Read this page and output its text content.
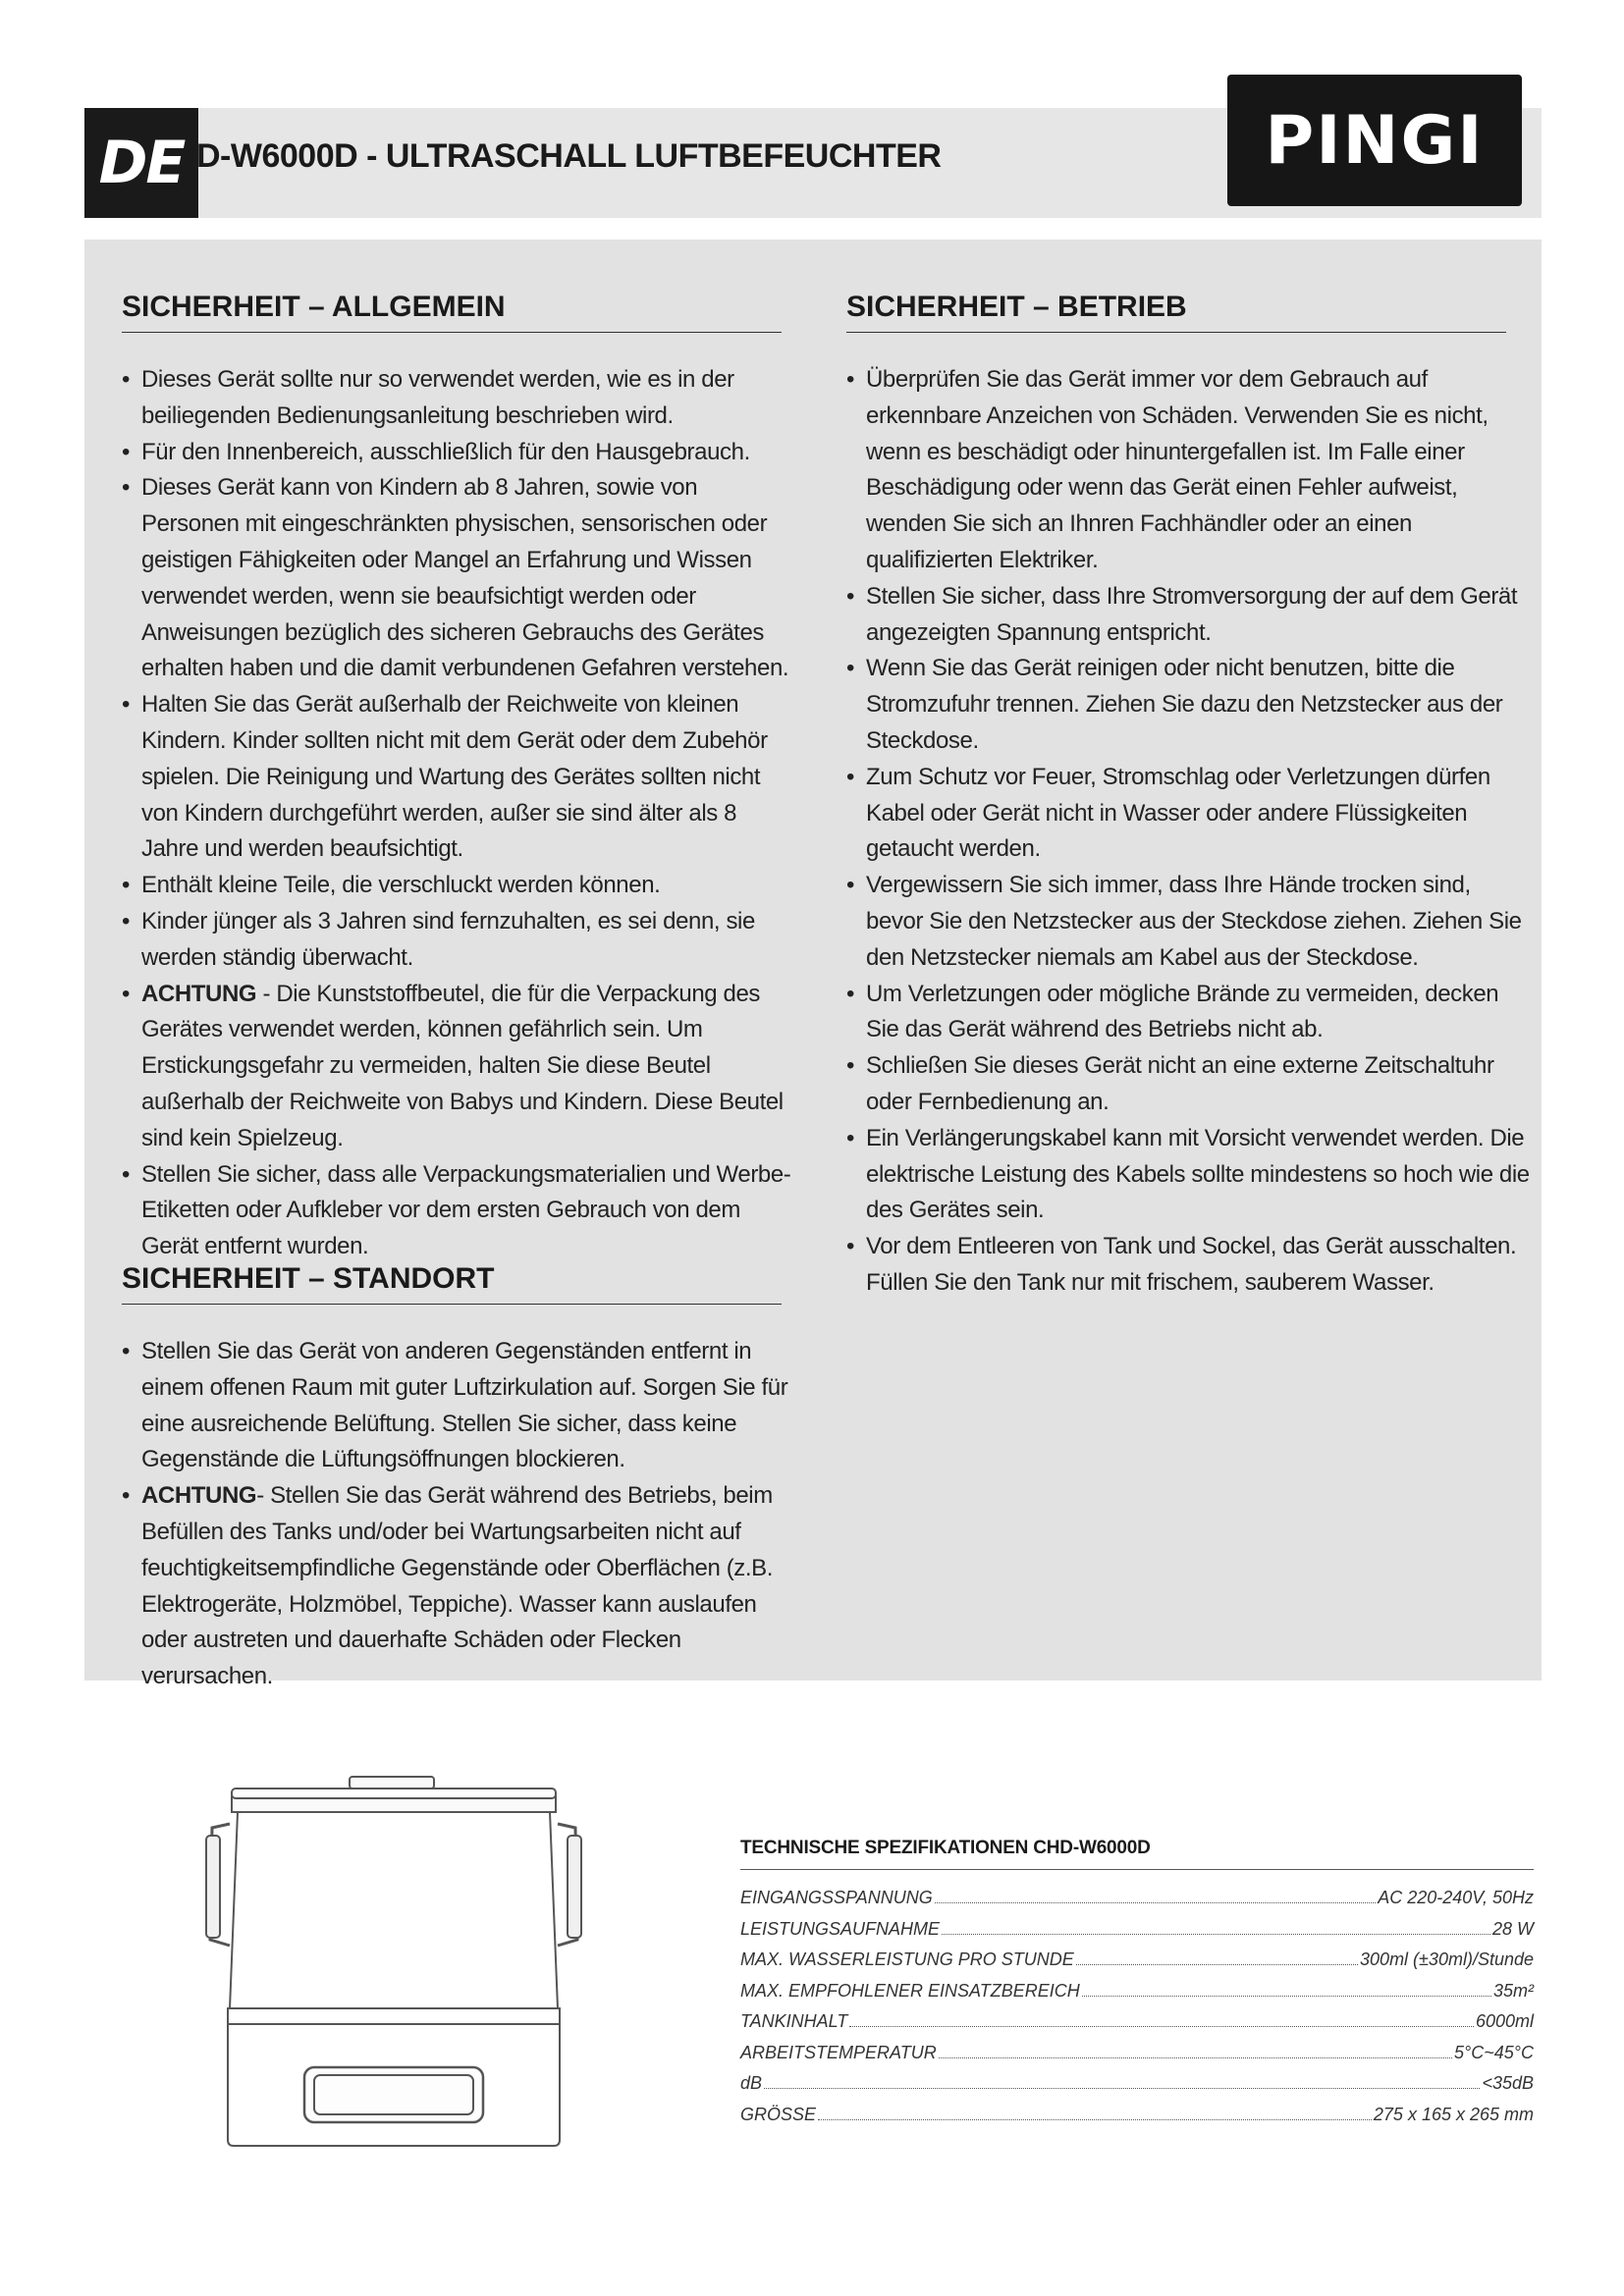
DE D-W6000D - ULTRASCHALL LUFTBEFEUCHTER	PINGI
SICHERHEIT – ALLGEMEIN
• Dieses Gerät sollte nur so verwendet werden, wie es in der beiliegenden Bedienungsanleitung beschrieben wird.
• Für den Innenbereich, ausschließlich für den Hausgebrauch.
• Dieses Gerät kann von Kindern ab 8 Jahren, sowie von Personen mit eingeschränkten physischen, sensorischen oder geistigen Fähigkeiten oder Mangel an Erfahrung und Wissen verwendet werden, wenn sie beaufsichtigt werden oder Anweisungen bezüglich des sicheren Gebrauchs des Gerätes erhalten haben und die damit verbundenen Gefahren verstehen.
• Halten Sie das Gerät außerhalb der Reichweite von kleinen Kindern. Kinder sollten nicht mit dem Gerät oder dem Zubehör spielen. Die Reinigung und Wartung des Gerätes sollten nicht von Kindern durchgeführt werden, außer sie sind älter als 8 Jahre und werden beaufsichtigt.
• Enthält kleine Teile, die verschluckt werden können.
• Kinder jünger als 3 Jahren sind fernzuhalten, es sei denn, sie werden ständig überwacht.
• ACHTUNG - Die Kunststoffbeutel, die für die Verpackung des Gerätes verwendet werden, können gefährlich sein. Um Erstickungsgefahr zu vermeiden, halten Sie diese Beutel außerhalb der Reichweite von Babys und Kindern. Diese Beutel sind kein Spielzeug.
• Stellen Sie sicher, dass alle Verpackungsmaterialien und Werbe-Etiketten oder Aufkleber vor dem ersten Gebrauch von dem Gerät entfernt wurden.
SICHERHEIT – STANDORT
• Stellen Sie das Gerät von anderen Gegenständen entfernt in einem offenen Raum mit guter Luftzirkulation auf. Sorgen Sie für eine ausreichende Belüftung. Stellen Sie sicher, dass keine Gegenstände die Lüftungsöffnungen blockieren.
• ACHTUNG- Stellen Sie das Gerät während des Betriebs, beim Befüllen des Tanks und/oder bei Wartungsarbeiten nicht auf feuchtigkeitsempfindliche Gegenstände oder Oberflächen (z.B. Elektrogeräte, Holzmöbel, Teppiche). Wasser kann auslaufen oder austreten und dauerhafte Schäden oder Flecken verursachen.
SICHERHEIT – BETRIEB
• Überprüfen Sie das Gerät immer vor dem Gebrauch auf erkennbare Anzeichen von Schäden. Verwenden Sie es nicht, wenn es beschädigt oder hinuntergefallen ist. Im Falle einer Beschädigung oder wenn das Gerät einen Fehler aufweist, wenden Sie sich an Ihnren Fachhändler oder an einen qualifizierten Elektriker.
• Stellen Sie sicher, dass Ihre Stromversorgung der auf dem Gerät angezeigten Spannung entspricht.
• Wenn Sie das Gerät reinigen oder nicht benutzen, bitte die Stromzufuhr trennen. Ziehen Sie dazu den Netzstecker aus der Steckdose.
• Zum Schutz vor Feuer, Stromschlag oder Verletzungen dürfen Kabel oder Gerät nicht in Wasser oder andere Flüssigkeiten getaucht werden.
• Vergewissern Sie sich immer, dass Ihre Hände trocken sind, bevor Sie den Netzstecker aus der Steckdose ziehen. Ziehen Sie den Netzstecker niemals am Kabel aus der Steckdose.
• Um Verletzungen oder mögliche Brände zu vermeiden, decken Sie das Gerät während des Betriebs nicht ab.
• Schließen Sie dieses Gerät nicht an eine externe Zeitschaltuhr oder Fernbedienung an.
• Ein Verlängerungskabel kann mit Vorsicht verwendet werden. Die elektrische Leistung des Kabels sollte mindestens so hoch wie die des Gerätes sein.
• Vor dem Entleeren von Tank und Sockel, das Gerät ausschalten. Füllen Sie den Tank nur mit frischem, sauberem Wasser.
TECHNISCHE SPEZIFIKATIONEN CHD-W6000D
EINGANGSSPANNUNG	AC 220-240V, 50Hz
LEISTUNGSAUFNAHME	28 W
MAX. WASSERLEISTUNG PRO STUNDE	300ml (±30ml)/Stunde
MAX. EMPFOHLENER EINSATZBEREICH	35m²
TANKINHALT	6000ml
ARBEITSTEMPERATUR	5°C~45°C
dB	<35dB
GRÖSSE	275 x 165 x 265 mm
